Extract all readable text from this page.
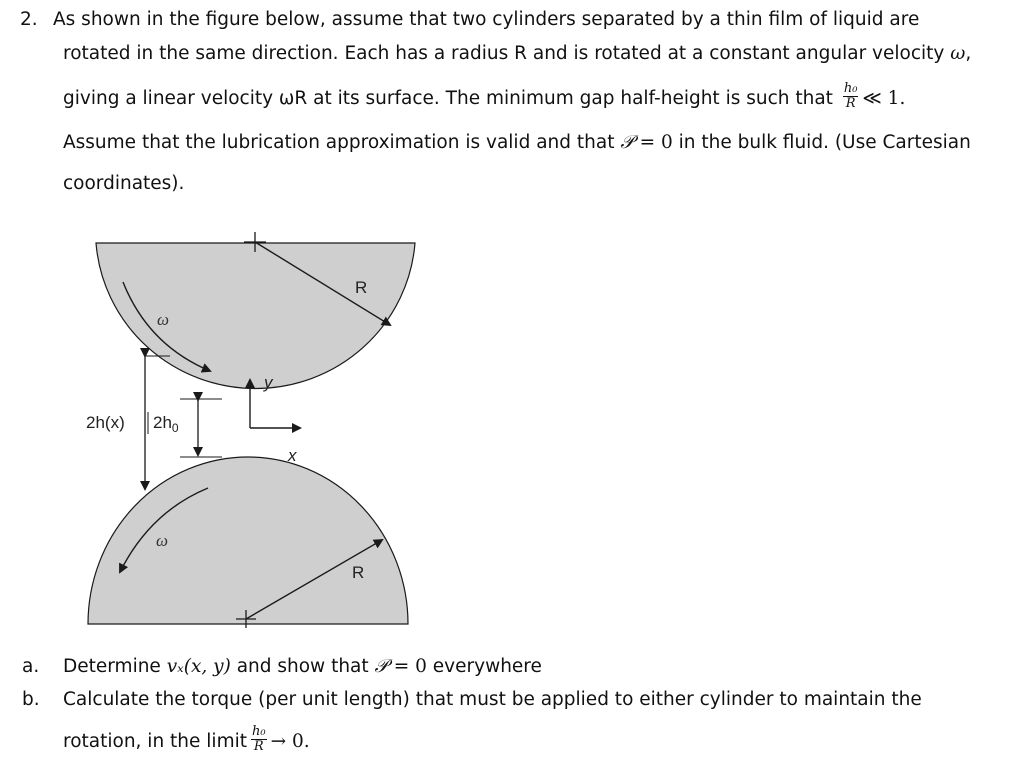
2. As shown in the figure below, assume that two cylinders separated by a thin film of liquid are
rotated in the same direction. Each has a radius R and is rotated at a constant angular velocity ω,
giving a linear velocity ωR at its surface. The minimum gap half-height is such that $\frac{\text{h₀}}{R}$ ≪ 1.
Assume that the lubrication approximation is valid and that 𝒫 = 0 in the bulk fluid. (Use Cartesian
coordinates).
R
ω
y
x
2h(x) $2h_0$
ω
R
a. Determine vₓ(x, y) and show that 𝒫 = 0 everywhere
b. Calculate the torque (per unit length) that must be applied to either cylinder to maintain the
rotation, in the limit $\frac{\text{h₀}}{R} \to 0$.
